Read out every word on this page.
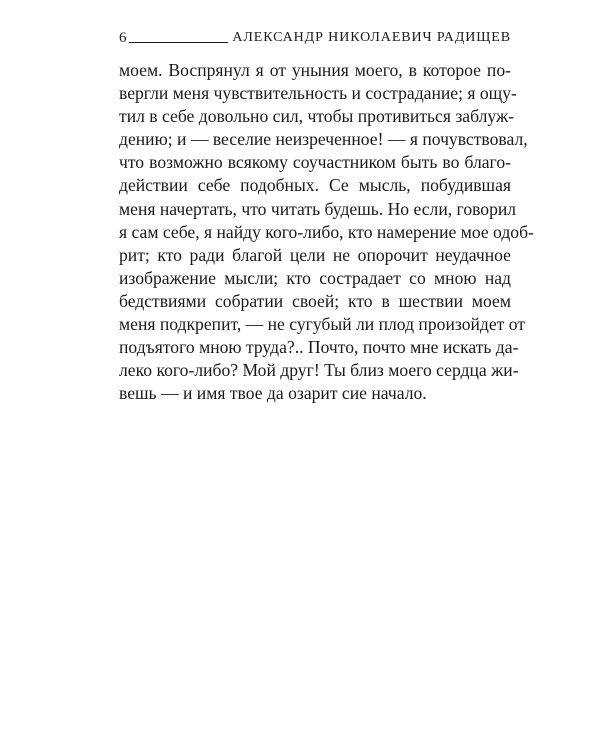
6	АЛЕКСАНДР НИКОЛАЕВИЧ РАДИЩЕВ
моем. Воспрянул я от уныния моего, в которое по-
вергли меня чувствительность и сострадание; я ощу-
тил в себе довольно сил, чтобы противиться заблуж-
дению; и — веселие неизреченное! — я почувствовал,
что возможно всякому соучастником быть во благо-
действии себе подобных. Се мысль, побудившая
меня начертать, что читать будешь. Но если, говорил
я сам себе, я найду кого-либо, кто намерение мое одоб-
рит; кто ради благой цели не опорочит неудачное
изображение мысли; кто сострадает со мною над
бедствиями собратии своей; кто в шествии моем
меня подкрепит, — не сугубый ли плод произойдет от
подъятого мною труда?.. Почто, почто мне искать да-
леко кого-либо? Мой друг! Ты близ моего сердца жи-
вешь — и имя твое да озарит сие начало.
